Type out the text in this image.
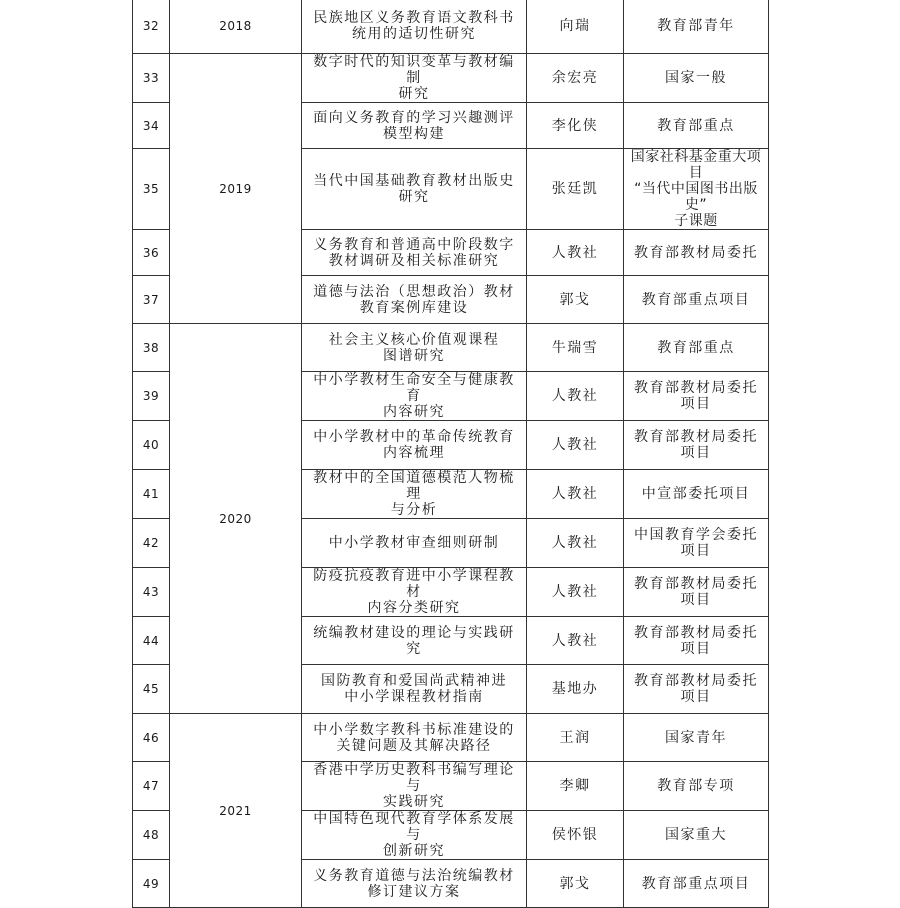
32	2018	民族地区义务教育语文教科书
统用的适切性研究	向瑞	教育部青年
33	2019	数字时代的知识变革与教材编制
研究	余宏亮	国家一般
34		面向义务教育的学习兴趣测评
模型构建	李化侠	教育部重点
35		当代中国基础教育教材出版史
研究	张廷凯	国家社科基金重大项目
“当代中国图书出版史”
子课题
36		义务教育和普通高中阶段数字
教材调研及相关标准研究	人教社	教育部教材局委托
37		道德与法治（思想政治）教材
教育案例库建设	郭戈	教育部重点项目
38	2020	社会主义核心价值观课程
图谱研究	牛瑞雪	教育部重点
39		中小学教材生命安全与健康教育
内容研究	人教社	教育部教材局委托项目
40		中小学教材中的革命传统教育
内容梳理	人教社	教育部教材局委托项目
41		教材中的全国道德模范人物梳理
与分析	人教社	中宣部委托项目
42		中小学教材审查细则研制	人教社	中国教育学会委托项目
43		防疫抗疫教育进中小学课程教材
内容分类研究	人教社	教育部教材局委托项目
44		统编教材建设的理论与实践研究	人教社	教育部教材局委托项目
45		国防教育和爱国尚武精神进
中小学课程教材指南	基地办	教育部教材局委托项目
46	2021	中小学数字教科书标准建设的
关键问题及其解决路径	王润	国家青年
47		香港中学历史教科书编写理论与
实践研究	李卿	教育部专项
48		中国特色现代教育学体系发展与
创新研究	侯怀银	国家重大
49		义务教育道德与法治统编教材
修订建议方案	郭戈	教育部重点项目
